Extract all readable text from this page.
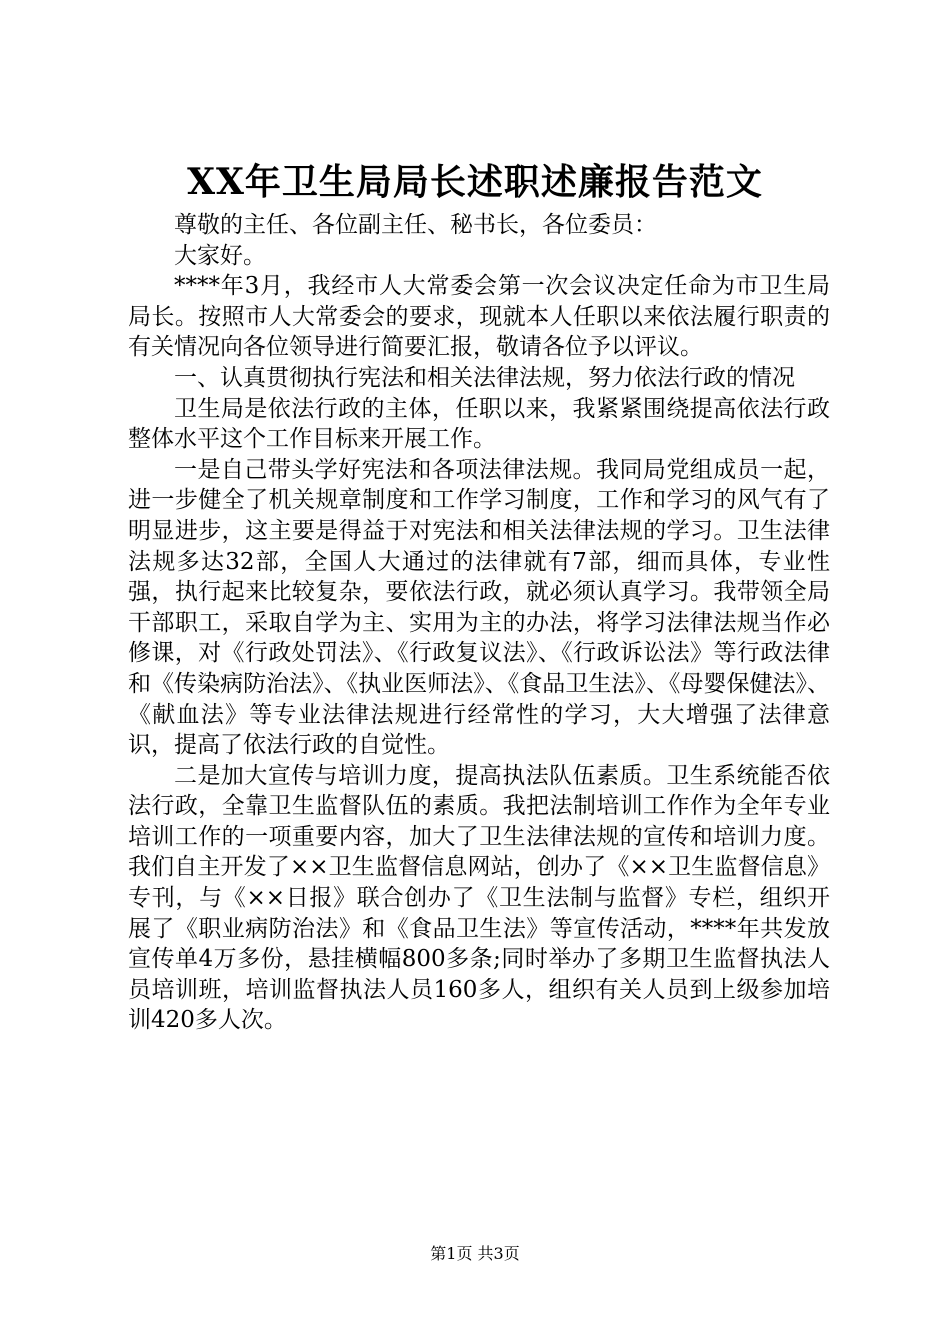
XX年卫生局局长述职述廉报告范文

尊敬的主任、各位副主任、秘书长，各位委员：

大家好。

****年3月，我经市人大常委会第一次会议决定任命为市卫生局局长。按照市人大常委会的要求，现就本人任职以来依法履行职责的有关情况向各位领导进行简要汇报，敬请各位予以评议。

一、认真贯彻执行宪法和相关法律法规，努力依法行政的情况

卫生局是依法行政的主体，任职以来，我紧紧围绕提高依法行政整体水平这个工作目标来开展工作。

一是自己带头学好宪法和各项法律法规。我同局党组成员一起，进一步健全了机关规章制度和工作学习制度，工作和学习的风气有了明显进步，这主要是得益于对宪法和相关法律法规的学习。卫生法律法规多达32部，全国人大通过的法律就有7部，细而具体，专业性强，执行起来比较复杂，要依法行政，就必须认真学习。我带领全局干部职工，采取自学为主、实用为主的办法，将学习法律法规当作必修课，对《行政处罚法》、《行政复议法》、《行政诉讼法》等行政法律和《传染病防治法》、《执业医师法》、《食品卫生法》、《母婴保健法》、《献血法》等专业法律法规进行经常性的学习，大大增强了法律意识，提高了依法行政的自觉性。

二是加大宣传与培训力度，提高执法队伍素质。卫生系统能否依法行政，全靠卫生监督队伍的素质。我把法制培训工作作为全年专业培训工作的一项重要内容，加大了卫生法律法规的宣传和培训力度。我们自主开发了××卫生监督信息网站，创办了《××卫生监督信息》专刊，与《××日报》联合创办了《卫生法制与监督》专栏，组织开展了《职业病防治法》和《食品卫生法》等宣传活动，****年共发放宣传单4万多份，悬挂横幅800多条;同时举办了多期卫生监督执法人员培训班，培训监督执法人员160多人，组织有关人员到上级参加培训420多人次。

第1页 共3页
